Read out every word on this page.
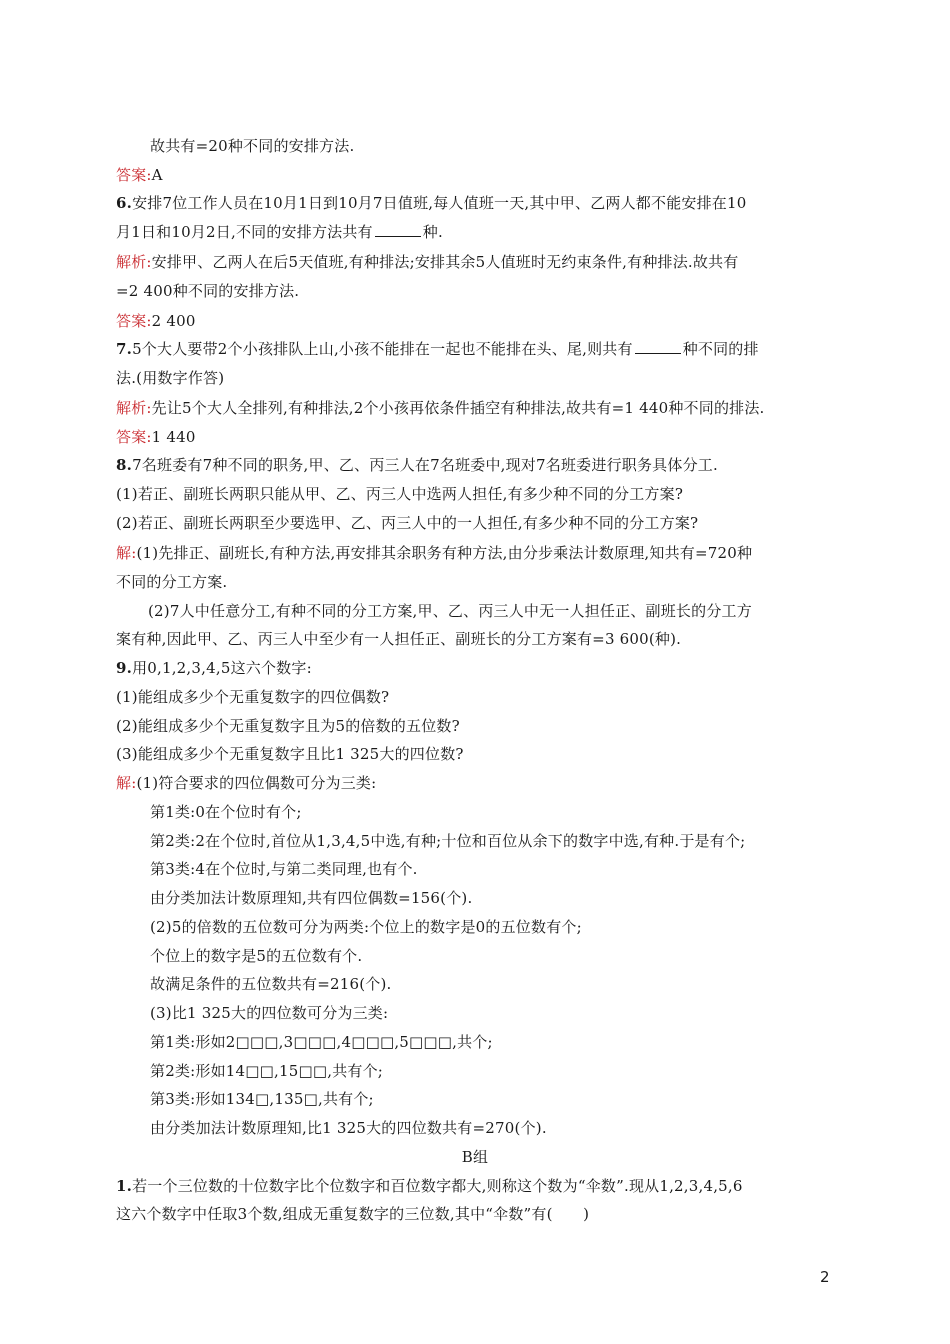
故共有=20种不同的安排方法.
答案:A
6.安排7位工作人员在10月1日到10月7日值班,每人值班一天,其中甲、乙两人都不能安排在10
月1日和10月2日,不同的安排方法共有	种.
解析:安排甲、乙两人在后5天值班,有种排法;安排其余5人值班时无约束条件,有种排法.故共有
=2 400种不同的安排方法.
答案:2 400
7.5个大人要带2个小孩排队上山,小孩不能排在一起也不能排在头、尾,则共有	种不同的排
法.(用数字作答)
解析:先让5个大人全排列,有种排法,2个小孩再依条件插空有种排法,故共有=1 440种不同的排法.
答案:1 440
8.7名班委有7种不同的职务,甲、乙、丙三人在7名班委中,现对7名班委进行职务具体分工.
(1)若正、副班长两职只能从甲、乙、丙三人中选两人担任,有多少种不同的分工方案?
(2)若正、副班长两职至少要选甲、乙、丙三人中的一人担任,有多少种不同的分工方案?
解:(1)先排正、副班长,有种方法,再安排其余职务有种方法,由分步乘法计数原理,知共有=720种
不同的分工方案.
(2)7人中任意分工,有种不同的分工方案,甲、乙、丙三人中无一人担任正、副班长的分工方
案有种,因此甲、乙、丙三人中至少有一人担任正、副班长的分工方案有=3 600(种).
9.用0,1,2,3,4,5这六个数字:
(1)能组成多少个无重复数字的四位偶数?
(2)能组成多少个无重复数字且为5的倍数的五位数?
(3)能组成多少个无重复数字且比1 325大的四位数?
解:(1)符合要求的四位偶数可分为三类:
第1类:0在个位时有个;
第2类:2在个位时,首位从1,3,4,5中选,有种;十位和百位从余下的数字中选,有种.于是有个;
第3类:4在个位时,与第二类同理,也有个.
由分类加法计数原理知,共有四位偶数=156(个).
(2)5的倍数的五位数可分为两类:个位上的数字是0的五位数有个;
个位上的数字是5的五位数有个.
故满足条件的五位数共有=216(个).
(3)比1 325大的四位数可分为三类:
第1类:形如2□□□,3□□□,4□□□,5□□□,共个;
第2类:形如14□□,15□□,共有个;
第3类:形如134□,135□,共有个;
由分类加法计数原理知,比1 325大的四位数共有=270(个).
B组
1.若一个三位数的十位数字比个位数字和百位数字都大,则称这个数为“伞数”.现从1,2,3,4,5,6
这六个数字中任取3个数,组成无重复数字的三位数,其中“伞数”有(　　)
2
